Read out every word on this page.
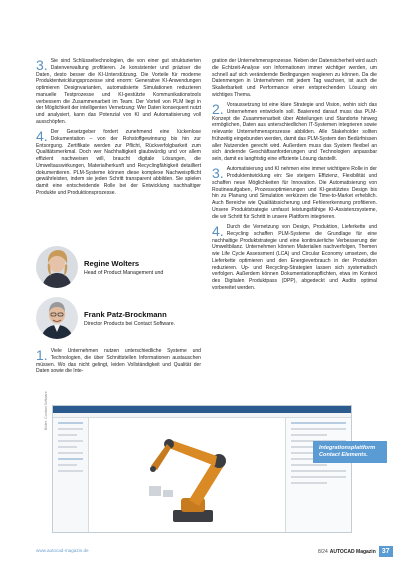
3. Sie sind Schlüsseltechnologien, die von einer gut strukturierten Datenverwaltung profitieren. Je konsistenter und präziser die Daten, desto besser die KI-Unterstützung. Die Vorteile für moderne Produktentwicklungsprozesse sind enorm: Generative KI-Anwendungen optimieren Designvarianten, automatisierte Simulationen reduzieren manuelle Testprozesse und KI-gestützte Kommunikationstools verbessern die Zusammenarbeit im Team. Der Vorteil von PLM liegt in der Möglichkeit der intelligenten Vernetzung: Wer Daten konsequent nutzt und analysiert, kann das Potenzial von KI und Automatisierung voll ausschöpfen.
4. Der Gesetzgeber fordert zunehmend eine lückenlose Dokumentation – von der Rohstoffgewinnung bis hin zur Entsorgung. Zertifikate werden zur Pflicht, Rückverfolgbarkeit zum Qualitätsmerkmal. Doch wer Nachhaltigkeit glaubwürdig und vor allem effizient nachweisen will, braucht digitale Lösungen, die Umweltauswirkungen, Materialherkunft und Recyclingfähigkeit detailliert dokumentieren. PLM-Systeme können diese komplexe Nachweispflicht gewährleisten, indem sie jeden Schritt transparent abbilden. Sie spielen damit eine entscheidende Rolle bei der Entwicklung nachhaltiger Produkte und Produktionsprozesse.
Regine Wolters
Head of Product Management und
Frank Patz-Brockmann
Director Products bei Contact Software.
1. Viele Unternehmen nutzen unterschiedliche Systeme und Technologien, die über Schnittstellen Informationen austauschen müssen. Wo das nicht gelingt, leiden Vollständigkeit und Qualität der Daten sowie die Inte-
gration der Unternehmensprozesse. Neben der Datensicherheit wird auch die Echtzeit-Analyse von Informationen immer wichtiger werden, um schnell auf sich verändernde Bedingungen reagieren zu können. Da die Datenmengen in Unternehmen mit jedem Tag wachsen, ist auch die Skalierbarkeit und Performance einer entsprechenden Lösung ein wichtiges Thema.
2. Voraussetzung ist eine klare Strategie und Vision, wohin sich das Unternehmen entwickeln soll. Basierend darauf muss das PLM-Konzept die Zusammenarbeit über Abteilungen und Standorte hinweg ermöglichen, Daten aus unterschiedlichen IT-Systemen integrieren sowie relevante Unternehmensprozesse abbilden. Alle Stakeholder sollten frühzeitig eingebunden werden, damit das PLM-System den Bedürfnissen aller Nutzenden gerecht wird. Außerdem muss das System flexibel an sich ändernde Geschäftsanforderungen und Technologien anpassbar sein, damit es langfristig eine effiziente Lösung darstellt.
3. Automatisierung und KI nehmen eine immer wichtigere Rolle in der Produktentwicklung ein: Sie steigern Effizienz, Flexibilität und schaffen neue Möglichkeiten für Innovation. Die Automatisierung von Routineaufgaben, Prozessoptimierungen und KI-gestütztes Design bis hin zu Planung und Simulation verkürzen die Time-to-Market erheblich. Auch Bereiche wie Qualitätssicherung und Fehlererkennung profitieren. Unsere Produktstrategie umfasst leistungsfähige KI-Assistenzsysteme, die wir Schritt für Schritt in unsere Plattform integrieren.
4. Durch die Vernetzung von Design, Produktion, Lieferkette und Recycling schaffen PLM-Systeme die Grundlage für eine nachhaltige Produktstrategie und eine kontinuierliche Verbesserung der Umweltbilanz. Unternehmen können Materialien nachverfolgen, Themen wie Life Cycle Assessment (LCA) und Circular Economy umsetzen, die Lieferkette optimieren und den Energieverbrauch in der Produktion reduzieren. Up- und Recycling-Strategien lassen sich systematisch verfolgen. Außerdem können Dokumentationspflichten, etwa im Kontext des Digitalen Produktpass (DPP), abgedeckt und Audits optimal vorbereitet werden.
Bilder: Contact Software
Integrationsplattform Contact Elements.
www.autocad-magazin.de	8/24 AUTOCAD Magazin 37
